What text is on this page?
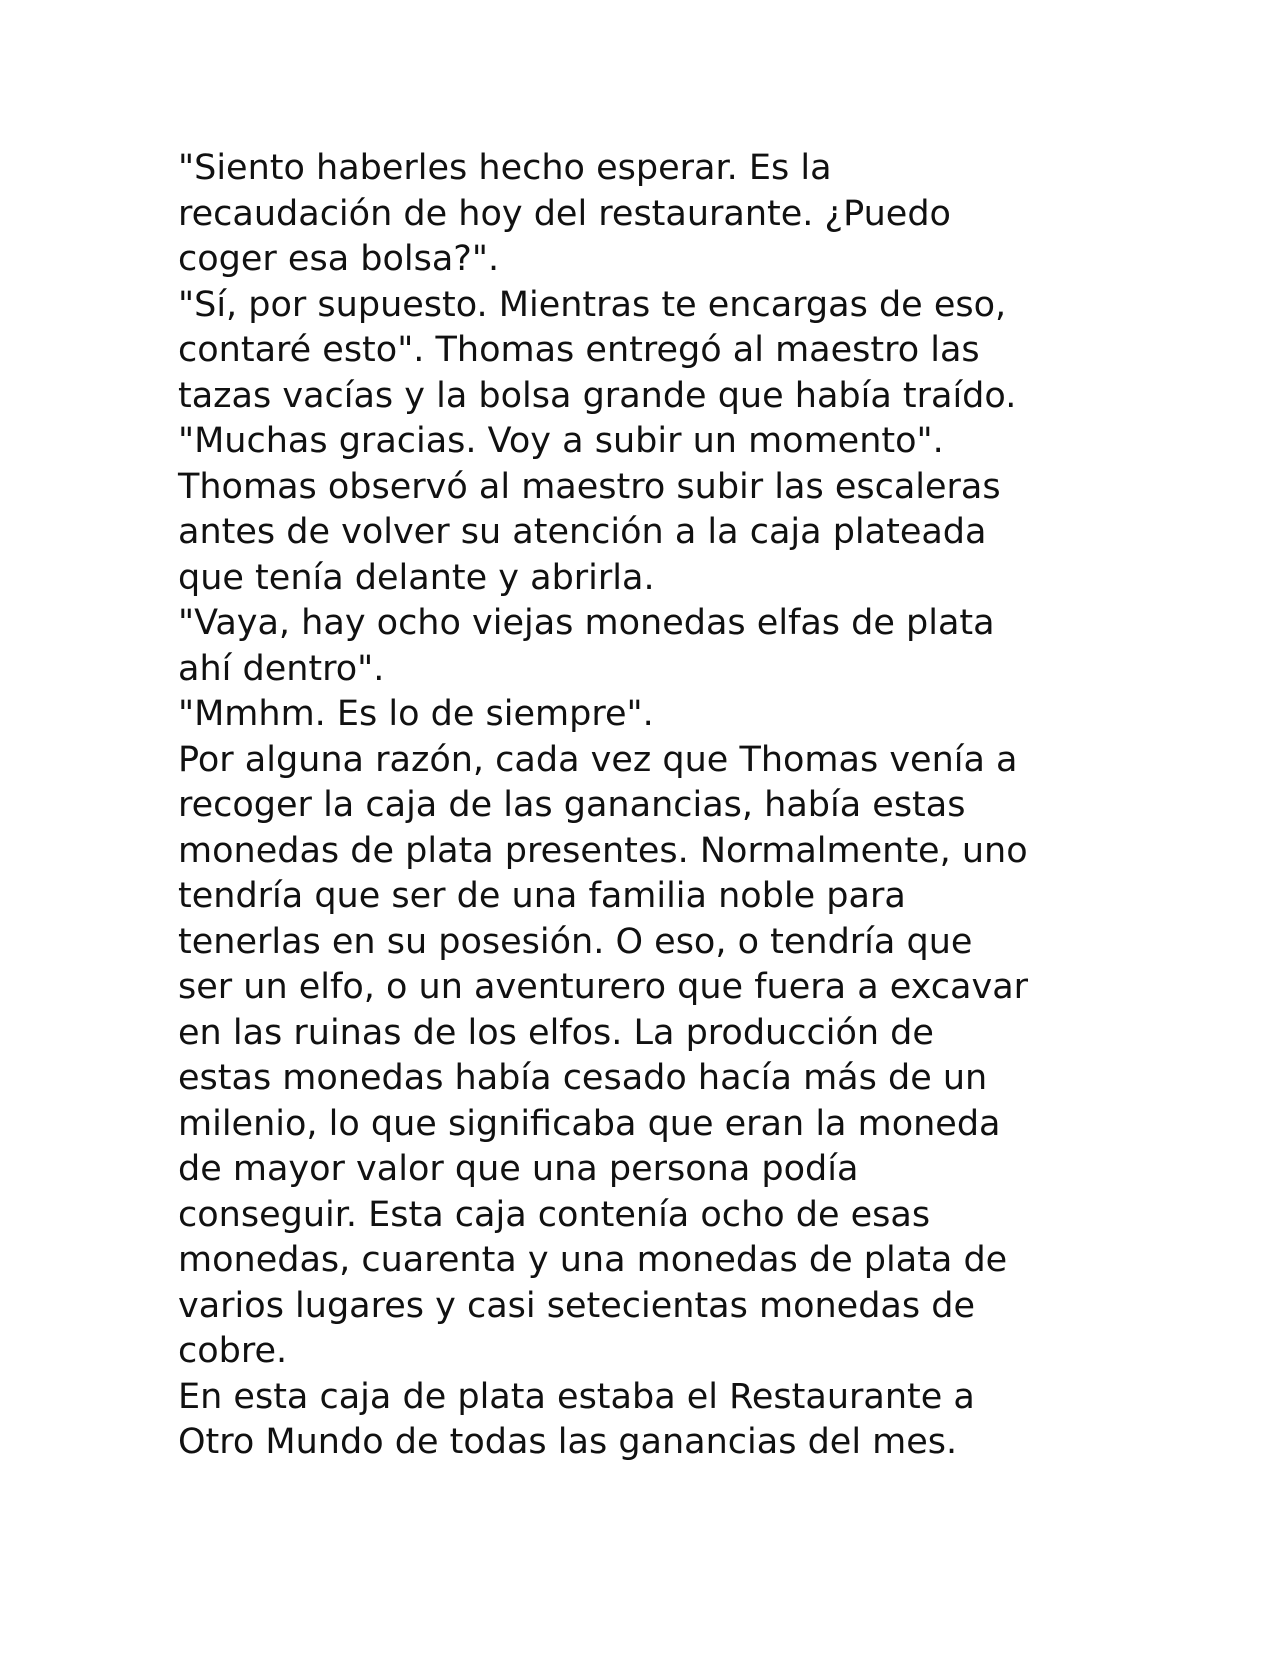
"Siento haberles hecho esperar. Es la
recaudación de hoy del restaurante. ¿Puedo
coger esa bolsa?".
"Sí, por supuesto. Mientras te encargas de eso,
contaré esto". Thomas entregó al maestro las
tazas vacías y la bolsa grande que había traído.
"Muchas gracias. Voy a subir un momento".
Thomas observó al maestro subir las escaleras
antes de volver su atención a la caja plateada
que tenía delante y abrirla.
"Vaya, hay ocho viejas monedas elfas de plata
ahí dentro".
"Mmhm. Es lo de siempre".
Por alguna razón, cada vez que Thomas venía a
recoger la caja de las ganancias, había estas
monedas de plata presentes. Normalmente, uno
tendría que ser de una familia noble para
tenerlas en su posesión. O eso, o tendría que
ser un elfo, o un aventurero que fuera a excavar
en las ruinas de los elfos. La producción de
estas monedas había cesado hacía más de un
milenio, lo que significaba que eran la moneda
de mayor valor que una persona podía
conseguir. Esta caja contenía ocho de esas
monedas, cuarenta y una monedas de plata de
varios lugares y casi setecientas monedas de
cobre.
En esta caja de plata estaba el Restaurante a
Otro Mundo de todas las ganancias del mes.
